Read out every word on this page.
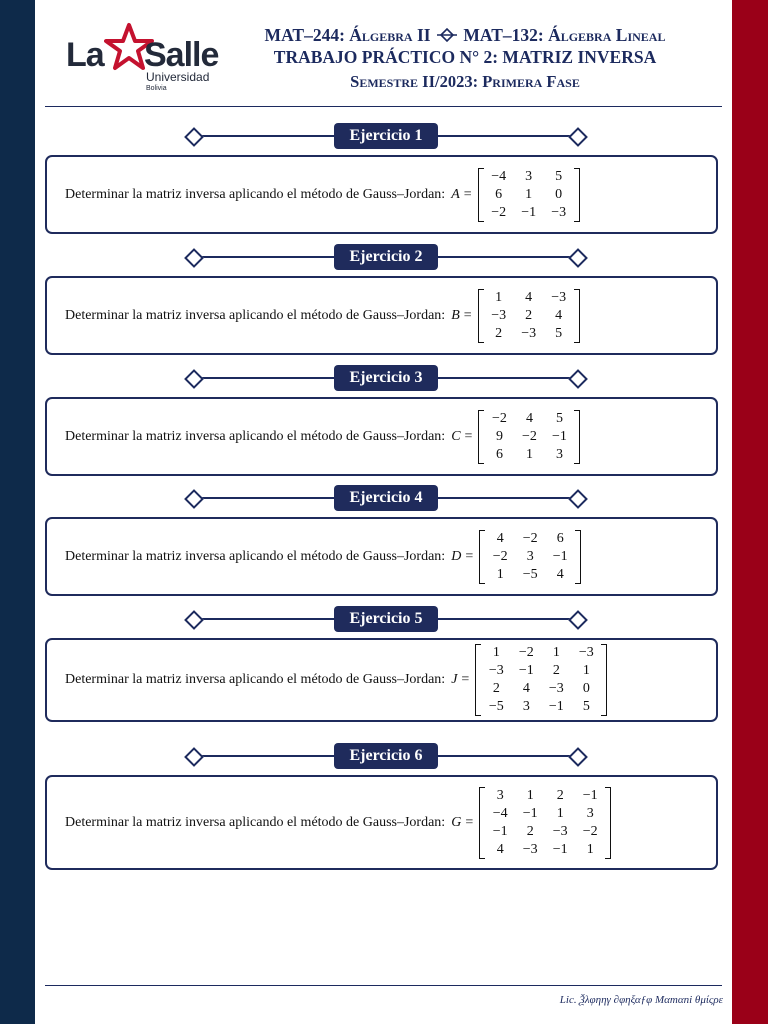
La Salle
Universidad
Bolivia
MAT–244: Álgebra II MAT–132: Álgebra Lineal
TRABAJO PRÁCTICO N° 2: MATRIZ INVERSA
Semestre II/2023: Primera Fase
Ejercicio 1
Determinar la matriz inversa aplicando el método de Gauss–Jordan: A =
−4	3	5
6	1	0
−2	−1	−3
Ejercicio 2
Determinar la matriz inversa aplicando el método de Gauss–Jordan: B =
1	4	−3
−3	2	4
2	−3	5
Ejercicio 3
Determinar la matriz inversa aplicando el método de Gauss–Jordan: C =
−2	4	5
9	−2	−1
6	1	3
Ejercicio 4
Determinar la matriz inversa aplicando el método de Gauss–Jordan: D =
4	−2	6
−2	3	−1
1	−5	4
Ejercicio 5
Determinar la matriz inversa aplicando el método de Gauss–Jordan: J =
1	−2	1	−3
−3	−1	2	1
2	4	−3	0
−5	3	−1	5
Ejercicio 6
Determinar la matriz inversa aplicando el método de Gauss–Jordan: G =
3	1	2	−1
−4	−1	1	3
−1	2	−3	−2
4	−3	−1	1
Lic. Ѯλφηηγ ∂φηξαƒφ Mαmαni θμίςρε
